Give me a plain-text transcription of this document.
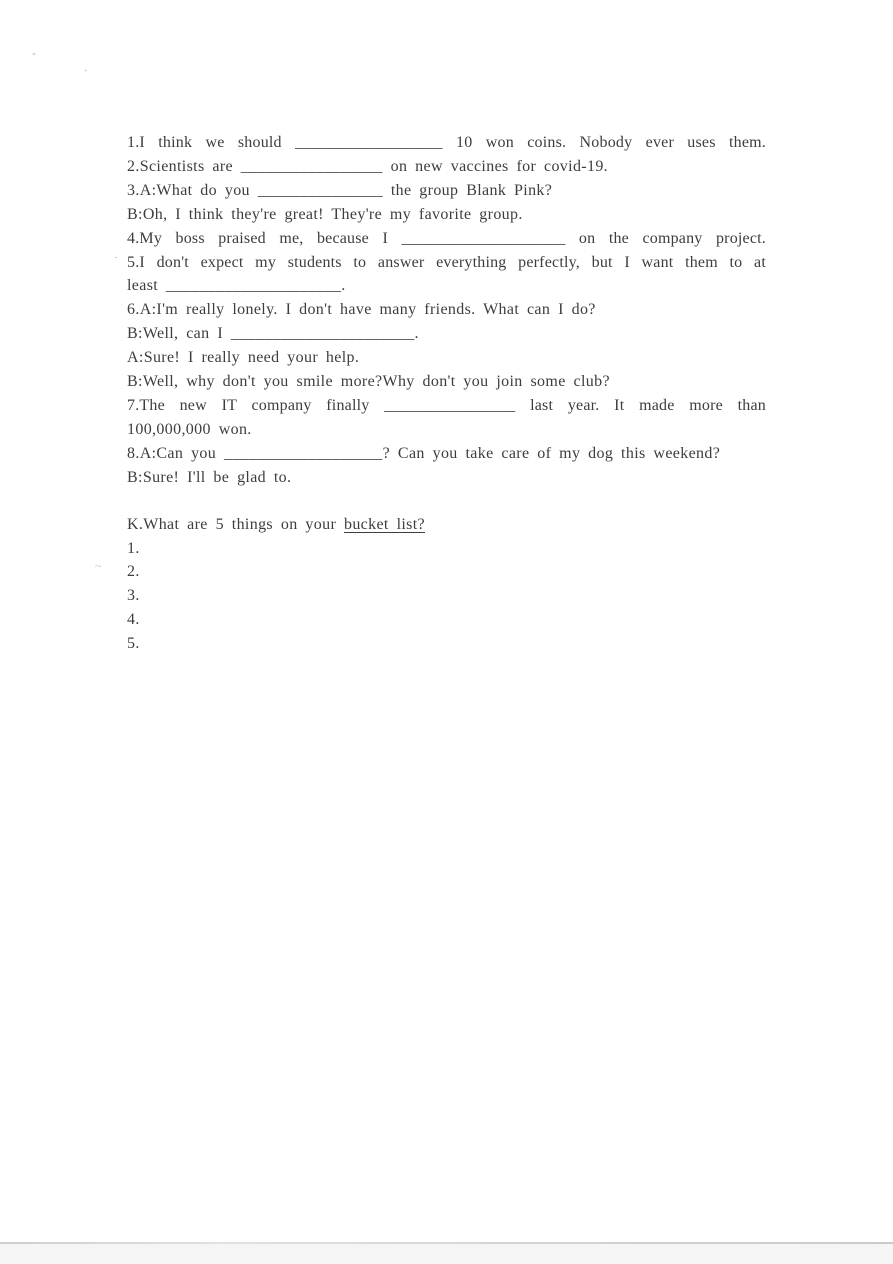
''
·
·
~
1.I think we should __________________ 10 won coins. Nobody ever uses them.
2.Scientists are _________________ on new vaccines for covid-19.
3.A:What do you _______________ the group Blank Pink?
B:Oh, I think they're great! They're my favorite group.
4.My boss praised me, because I ____________________ on the company project.
5.I don't expect my students to answer everything perfectly, but I want them to at
least _____________________.
6.A:I'm really lonely. I don't have many friends. What can I do?
B:Well, can I ______________________.
A:Sure! I really need your help.
B:Well, why don't you smile more?Why don't you join some club?
7.The new IT company finally ________________ last year. It made more than
100,000,000 won.
8.A:Can you ___________________? Can you take care of my dog this weekend?
B:Sure! I'll be glad to.
K.What are 5 things on your bucket list?
1.
2.
3.
4.
5.
